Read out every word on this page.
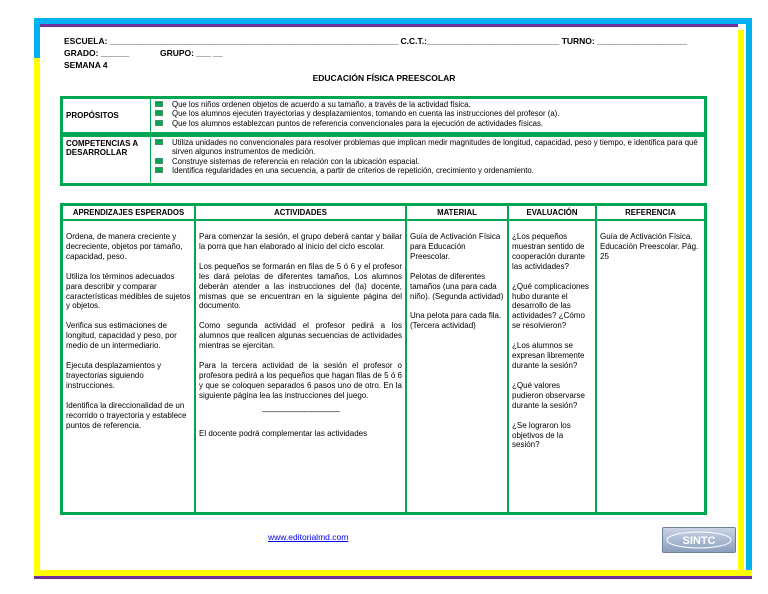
ESCUELA: _____________________________________________________________ C.C.T.:____________________________ TURNO: ___________________
GRADO: ______	GRUPO: ___ __
SEMANA 4
EDUCACIÓN FÍSICA PREESCOLAR
PROPÓSITOS
Que los niños ordenen objetos de acuerdo a su tamaño, a través de la actividad física.
Que los alumnos ejecuten trayectorias y desplazamientos, tomando en cuenta las instrucciones del profesor (a).
Que los alumnos establezcan puntos de referencia convencionales para la ejecución de actividades físicas.
COMPETENCIAS A DESARROLLAR
Utiliza unidades no convencionales para resolver problemas que implican medir magnitudes de longitud, capacidad, peso y tiempo, e identifica para qué sirven algunos instrumentos de medición.
Construye sistemas de referencia en relación con la ubicación espacial.
Identifica regularidades en una secuencia, a partir de criterios de repetición, crecimiento y ordenamiento.
APRENDIZAJES ESPERADOS

Ordena, de manera creciente y decreciente, objetos por tamaño, capacidad, peso.

Utiliza los términos adecuados para describir y comparar características medibles de sujetos y objetos.

Verifica sus estimaciones de longitud, capacidad y peso, por medio de un intermediario.

Ejecuta desplazamientos y trayectorias siguiendo instrucciones.

Identifica la direccionalidad de un recorrido o trayectoria y establece puntos de referencia.

ACTIVIDADES

Para comenzar la sesión, el grupo deberá cantar y bailar la porra que han elaborado al inicio del ciclo escolar.

Los pequeños se formarán en filas de 5 ó 6 y el profesor les dará pelotas de diferentes tamaños, Los alumnos deberán atender a las instrucciones del (la) docente, mismas que se encuentran en la siguiente página del documento.

Como segunda actividad el profesor pedirá a los alumnos que realicen algunas secuencias de actividades mientras se ejercitan.

Para la tercera actividad de la sesión el profesor o profesora pedirá a los pequeños que hagan filas de 5 ó 6 y que se coloquen separados 6 pasos uno de otro. En la siguiente página lea las instrucciones del juego.

———————————

El docente podrá complementar las actividades

MATERIAL

Guía de Activación Física para Educación Preescolar.

Pelotas de diferentes tamaños (una para cada niño). (Segunda actividad)

Una pelota para cada fila. (Tercera actividad)

EVALUACIÓN

¿Los pequeños muestran sentido de cooperación durante las actividades?

¿Qué complicaciones hubo durante el desarrollo de las actividades? ¿Cómo se resolvieron?

¿Los alumnos se expresan libremente durante la sesión?

¿Qué valores pudieron observarse durante la sesión?

¿Se lograron los objetivos de la sesión?

REFERENCIA

Guía de Activación Física. Educación Preescolar. Pág. 25

www.editorialmd.com	SINTC
